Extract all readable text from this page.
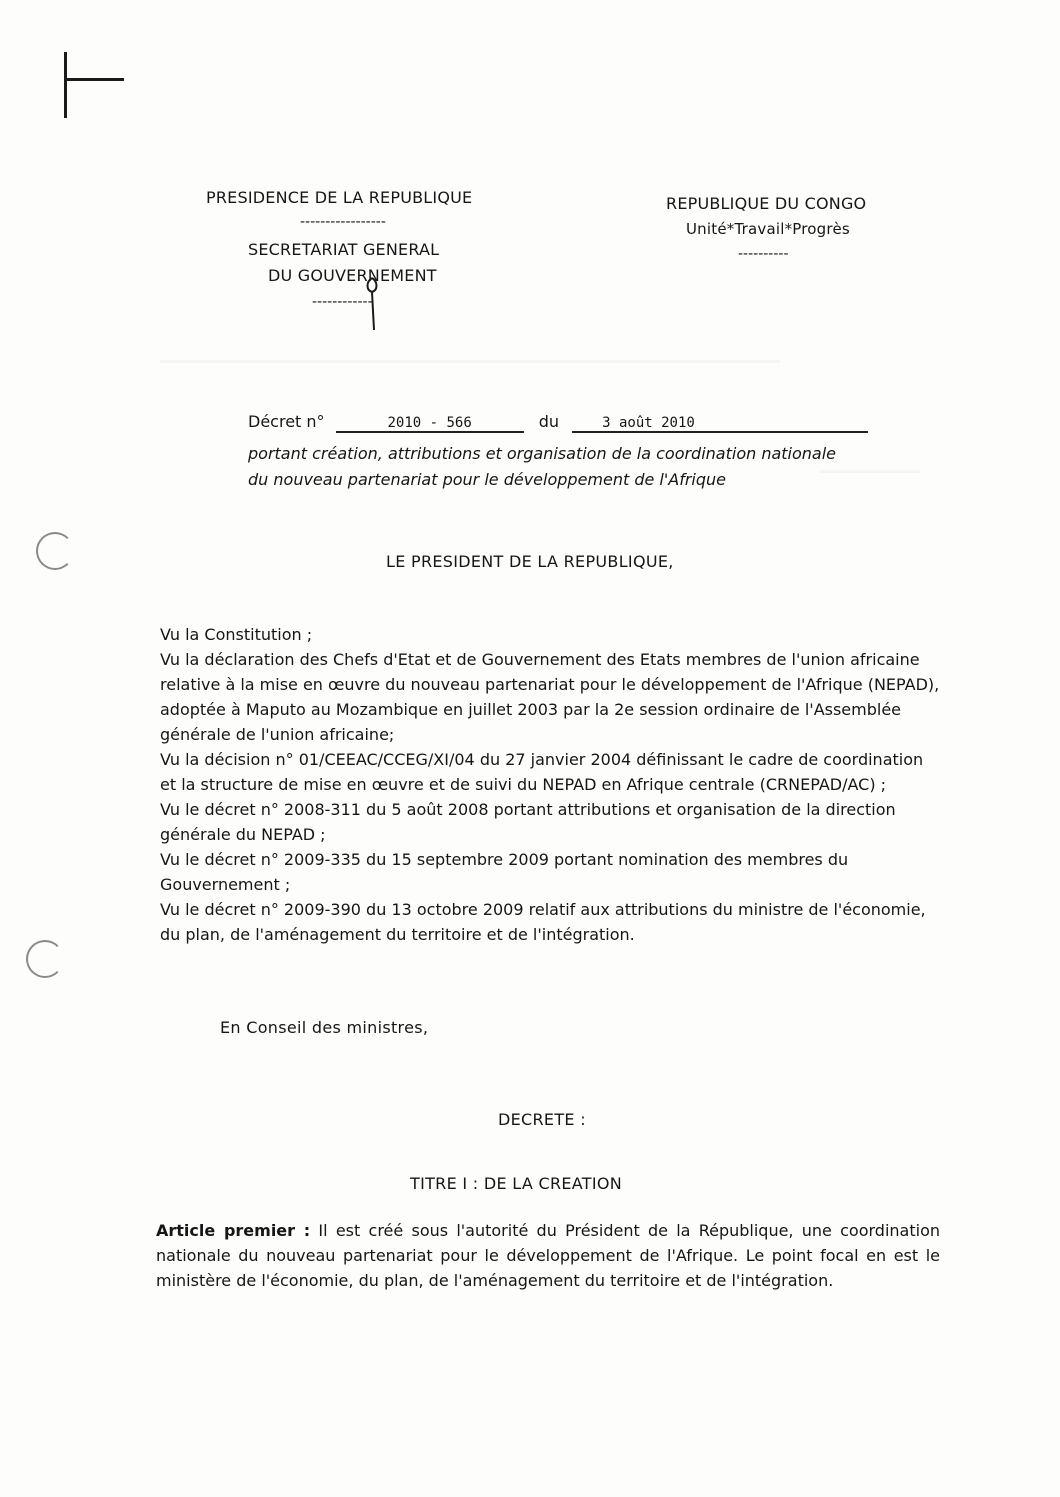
PRESIDENCE DE LA REPUBLIQUE
-----------------
SECRETARIAT GENERAL
DU GOUVERNEMENT
------------
REPUBLIQUE DU CONGO
Unité*Travail*Progrès
----------
Décret n°	2010 - 566	du	3 août 2010
portant création, attributions et organisation de la coordination nationale
du nouveau partenariat pour le développement de l'Afrique
LE PRESIDENT DE LA REPUBLIQUE,

Vu la Constitution ;

Vu la déclaration des Chefs d'Etat et de Gouvernement des Etats membres de l'union africaine relative à la mise en œuvre du nouveau partenariat pour le développement de l'Afrique (NEPAD), adoptée à Maputo au Mozambique en juillet 2003 par la 2e session ordinaire de l'Assemblée générale de l'union africaine;

Vu la décision n° 01/CEEAC/CCEG/XI/04 du 27 janvier 2004 définissant le cadre de coordination et la structure de mise en œuvre et de suivi du NEPAD en Afrique centrale (CRNEPAD/AC) ;

Vu le décret n° 2008-311 du 5 août 2008 portant attributions et organisation de la direction générale du NEPAD ;

Vu le décret n° 2009-335 du 15 septembre 2009 portant nomination des membres du Gouvernement ;

Vu le décret n° 2009-390 du 13 octobre 2009 relatif aux attributions du ministre de l'économie, du plan, de l'aménagement du territoire et de l'intégration.

En Conseil des ministres,
DECRETE :
TITRE I : DE LA CREATION
Article premier : Il est créé sous l'autorité du Président de la République, une coordination nationale du nouveau partenariat pour le développement de l'Afrique. Le point focal en est le ministère de l'économie, du plan, de l'aménagement du territoire et de l'intégration.
